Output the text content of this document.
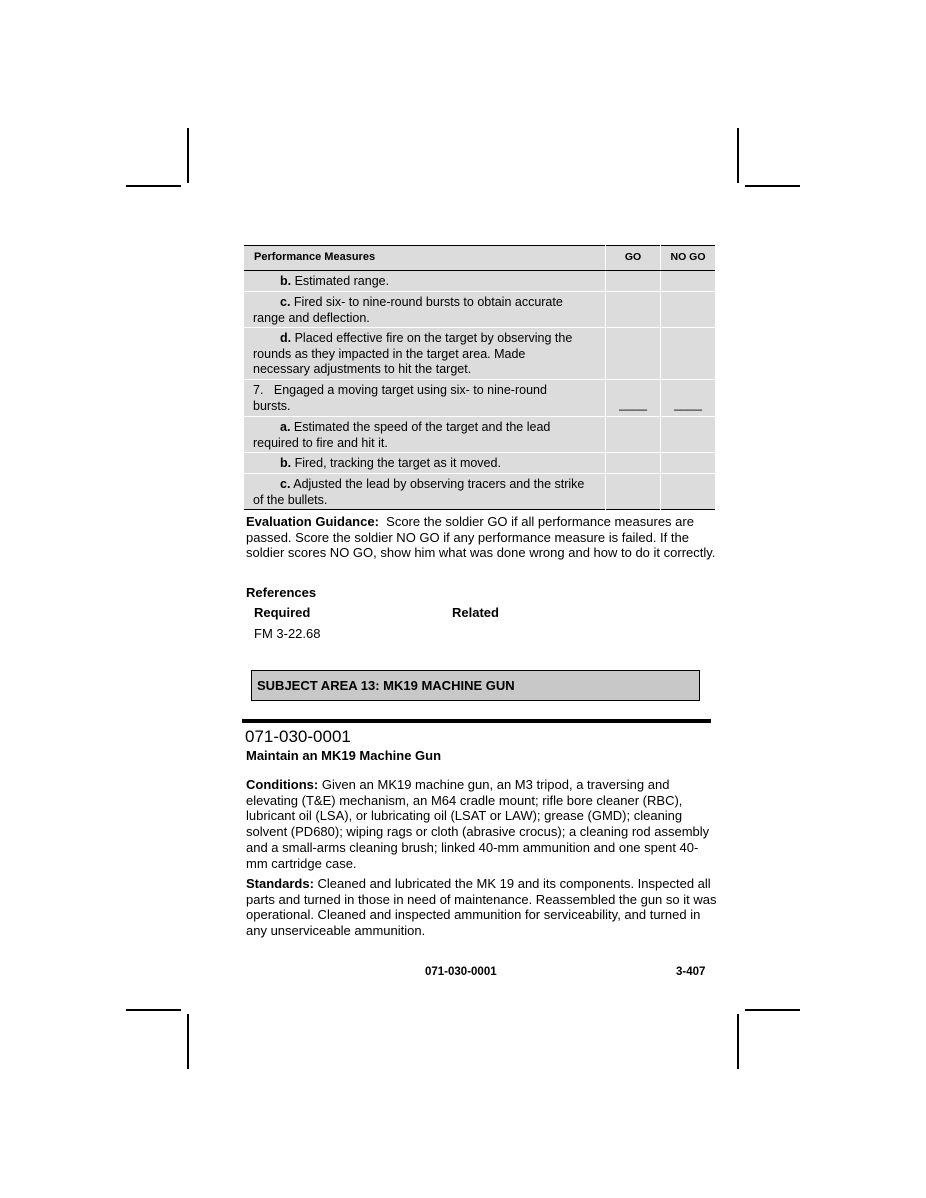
Performance Measures	GO	NO GO
b. Estimated range.		
c. Fired six- to nine-round bursts to obtain accurate range and deflection.		
d. Placed effective fire on the target by observing the rounds as they impacted in the target area. Made necessary adjustments to hit the target.		
7. Engaged a moving target using six- to nine-round bursts.	____	____
a. Estimated the speed of the target and the lead required to fire and hit it.		
b. Fired, tracking the target as it moved.		
c. Adjusted the lead by observing tracers and the strike of the bullets.		
Evaluation Guidance: Score the soldier GO if all performance measures are passed. Score the soldier NO GO if any performance measure is failed. If the soldier scores NO GO, show him what was done wrong and how to do it correctly.
References
Required	Related
FM 3-22.68
SUBJECT AREA 13: MK19 MACHINE GUN
071-030-0001
Maintain an MK19 Machine Gun
Conditions: Given an MK19 machine gun, an M3 tripod, a traversing and elevating (T&E) mechanism, an M64 cradle mount; rifle bore cleaner (RBC), lubricant oil (LSA), or lubricating oil (LSAT or LAW); grease (GMD); cleaning solvent (PD680); wiping rags or cloth (abrasive crocus); a cleaning rod assembly and a small-arms cleaning brush; linked 40-mm ammunition and one spent 40-mm cartridge case.
Standards: Cleaned and lubricated the MK 19 and its components. Inspected all parts and turned in those in need of maintenance. Reassembled the gun so it was operational. Cleaned and inspected ammunition for serviceability, and turned in any unserviceable ammunition.
071-030-0001	3-407
